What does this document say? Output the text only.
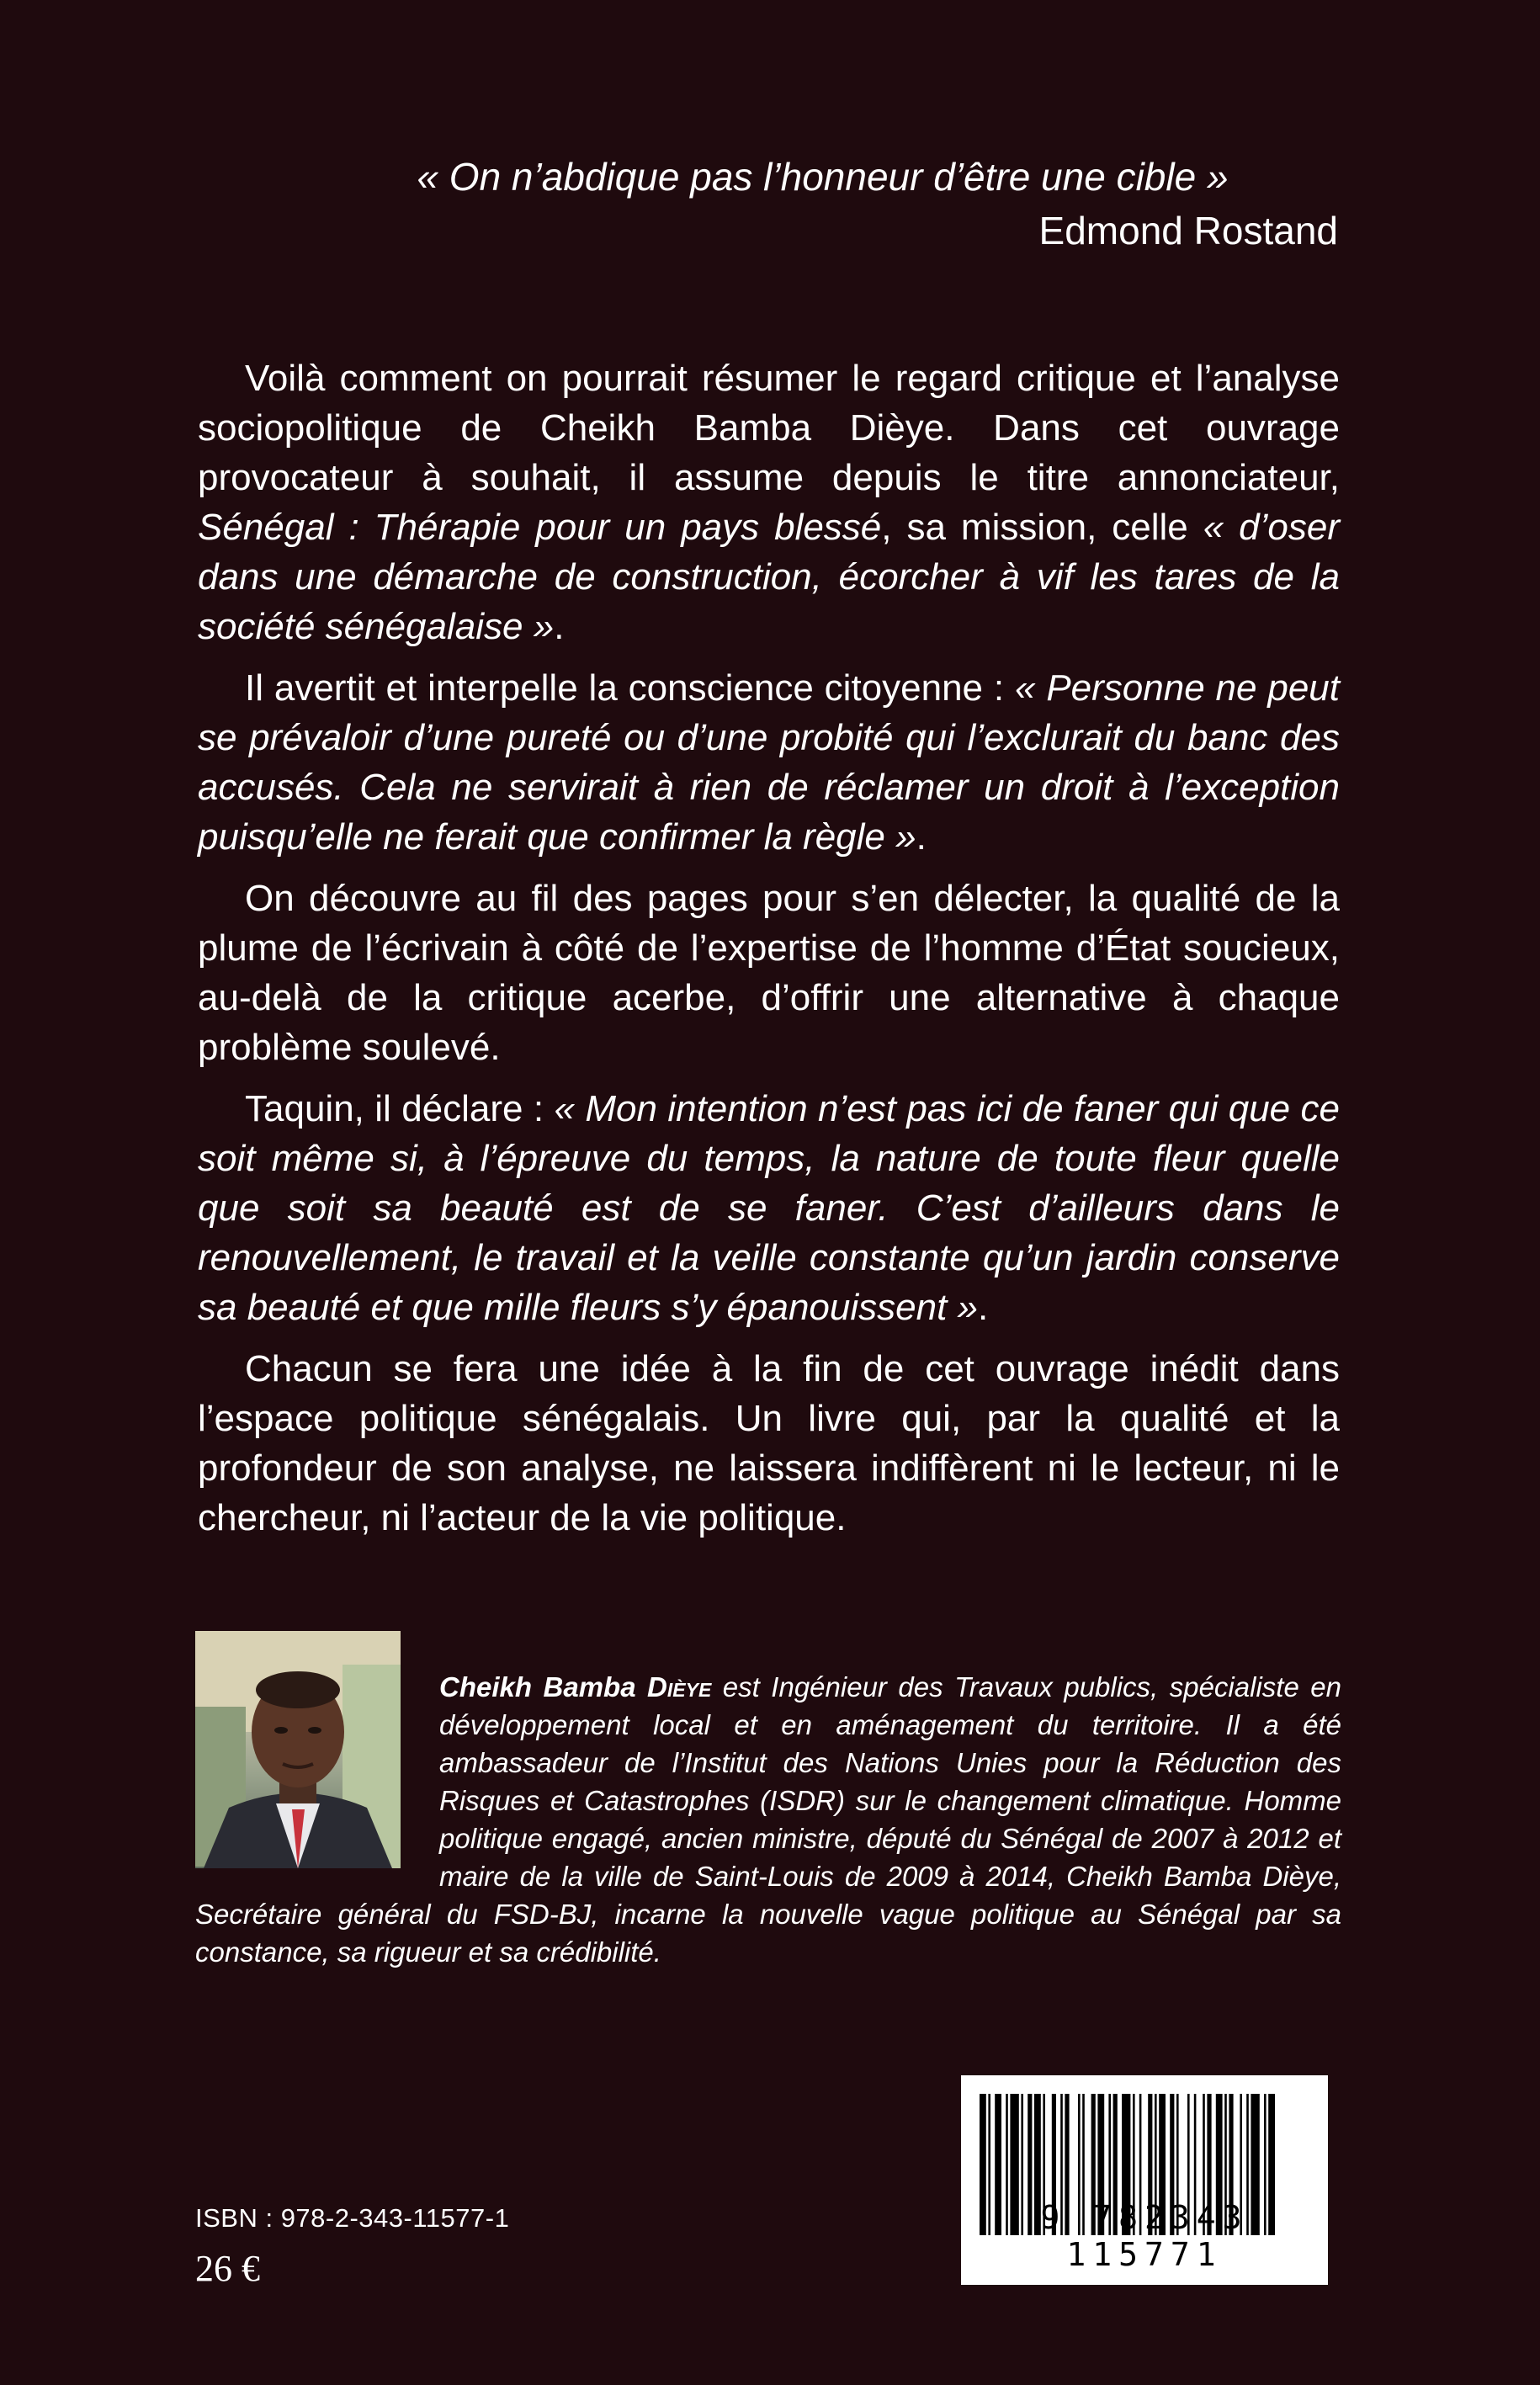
« On n’abdique pas l’honneur d’être une cible »
Edmond Rostand

Voilà comment on pourrait résumer le regard critique et l’analyse sociopolitique de Cheikh Bamba Dièye. Dans cet ouvrage provocateur à souhait, il assume depuis le titre annonciateur, Sénégal : Thérapie pour un pays blessé, sa mission, celle « d’oser dans une démarche de construction, écorcher à vif les tares de la société sénégalaise ».

Il avertit et interpelle la conscience citoyenne : « Personne ne peut se prévaloir d’une pureté ou d’une probité qui l’exclurait du banc des accusés. Cela ne servirait à rien de réclamer un droit à l’exception puisqu’elle ne ferait que confirmer la règle ».

On découvre au fil des pages pour s’en délecter, la qualité de la plume de l’écrivain à côté de l’expertise de l’homme d’État soucieux, au-delà de la critique acerbe, d’offrir une alternative à chaque problème soulevé.

Taquin, il déclare : « Mon intention n’est pas ici de faner qui que ce soit même si, à l’épreuve du temps, la nature de toute fleur quelle que soit sa beauté est de se faner. C’est d’ailleurs dans le renouvellement, le travail et la veille constante qu’un jardin conserve sa beauté et que mille fleurs s’y épanouissent ».

Chacun se fera une idée à la fin de cet ouvrage inédit dans l’espace politique sénégalais. Un livre qui, par la qualité et la profondeur de son analyse, ne laissera indiffèrent ni le lecteur, ni le chercheur, ni l’acteur de la vie politique.

Cheikh Bamba Dièye est Ingénieur des Travaux publics, spécialiste en développement local et en aménagement du territoire. Il a été ambassadeur de l’Institut des Nations Unies pour la Réduction des Risques et Catastrophes (ISDR) sur le changement climatique. Homme politique engagé, ancien ministre, député du Sénégal de 2007 à 2012 et maire de la ville de Saint-Louis de 2009 à 2014, Cheikh Bamba Dièye, Secrétaire général du FSD-BJ, incarne la nouvelle vague politique au Sénégal par sa constance, sa rigueur et sa crédibilité.
ISBN : 978-2-343-11577-1
26 €
9 782343 115771
